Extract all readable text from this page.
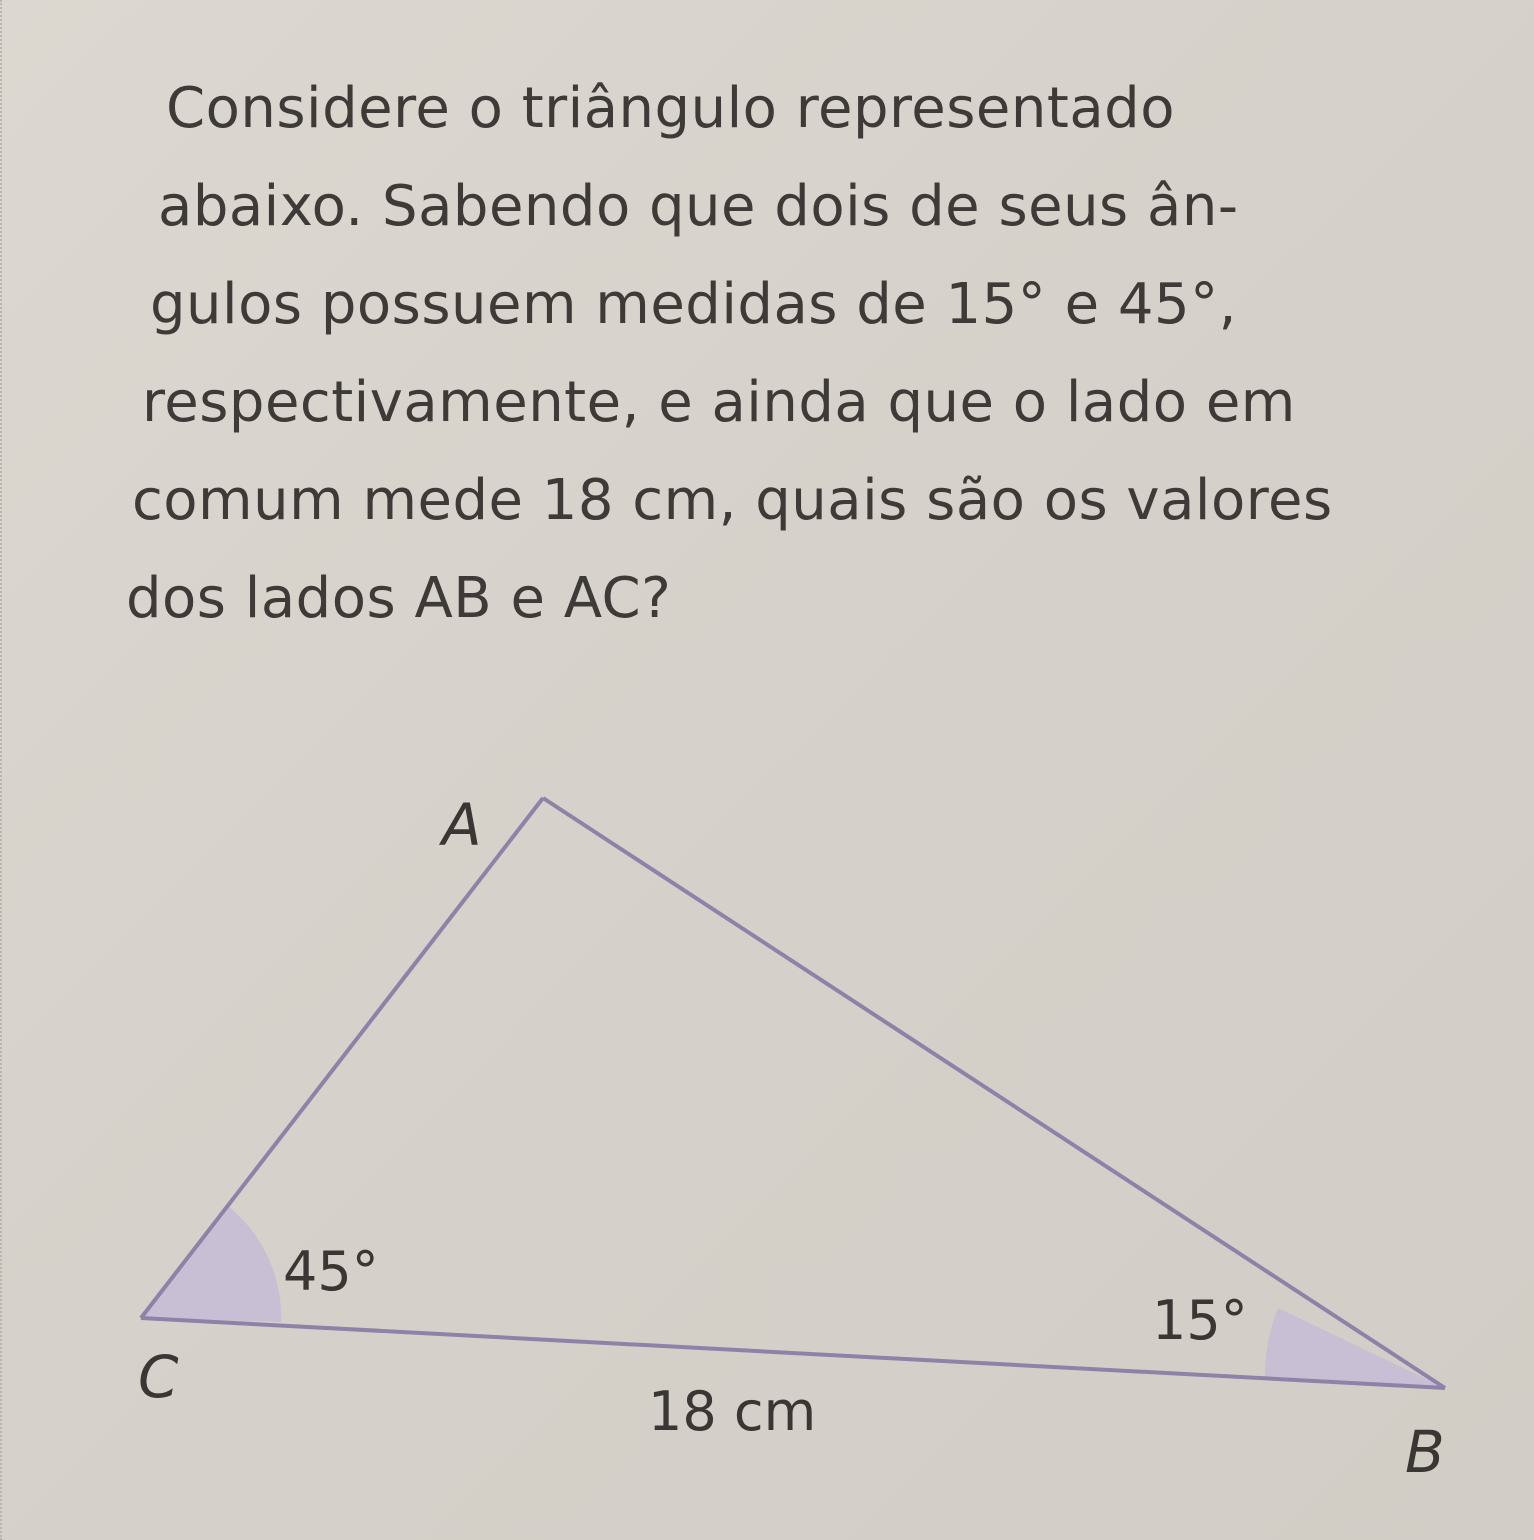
Considere o triângulo representado
abaixo. Sabendo que dois de seus ân-
gulos possuem medidas de 15° e 45°,
respectivamente, e ainda que o lado em
comum mede 18 cm, quais são os valores
dos lados AB e AC?
A
B
C
45°
15°
18 cm
